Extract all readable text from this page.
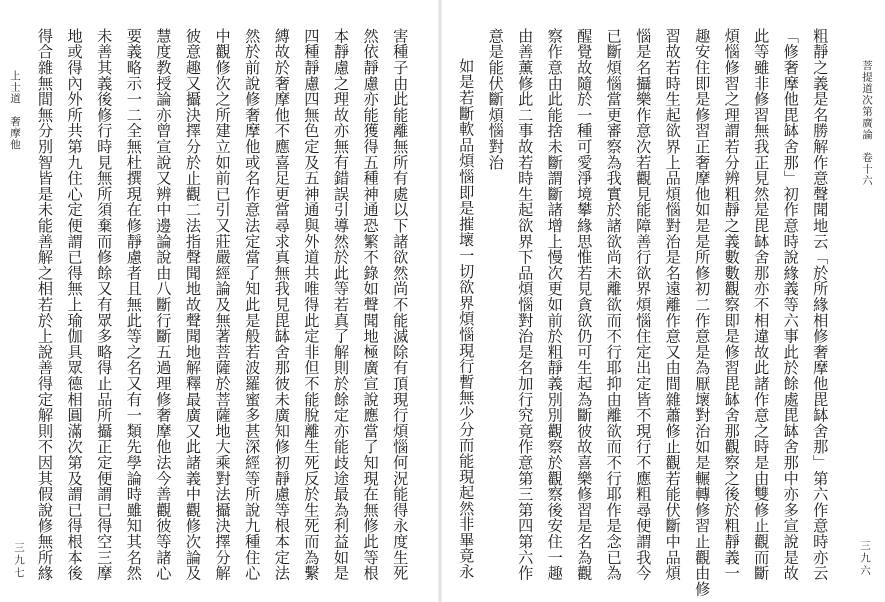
菩提道次第廣論　卷十六
三九六
粗靜之義是名勝解作意聲聞地云「於所緣相修奢摩他毘缽舍那」第六作意時亦云
「修奢摩他毘缽舍那」初作意時說緣義等六事此於餘處毘缽舍那中亦多宣說是故
此等雖非修習無我正見然是毘缽舍那亦不相違故此諸作意之時是由雙修止觀而斷
煩惱修習之理謂若分辨粗靜之義數數觀察即是修習毘缽舍那觀察之後於粗靜義一
趣安住即是修習正奢摩他如是是所修初二作意是為厭壞對治如是輾轉修習止觀由修
習故若時生起欲界上品煩惱對治是名遠離作意又由間雜蕭修止觀若能伏斷中品煩
惱是名攝樂作意次若觀見能障善行欲界煩惱住定出定皆不現行不應粗尋便謂我今
已斷煩惱當更審察為我實於諸欲尚未離欲而不行耶抑由離欲而不行耶作是念已為
醒覺故隨於一種可愛淨境攀緣思惟若見貪欲仍可生起為斷彼故喜樂修習是名為觀
察作意由此能捨未斷謂斷諸增上慢次更如前於粗靜義別別觀察於觀察後安住一趣
由善薰修此二事故若時生起欲界下品煩惱對治是名加行究竟作意第三第四第六作
意是能伏斷煩惱對治
如是若斷軟品煩惱即是摧壞一切欲界煩惱現行暫無少分而能現起然非畢竟永
上士道　奢摩他
三九七	害種子由此能離無所有處以下諸欲然尚不能滅除有頂現行煩惱何況能得永度生死
然依靜慮亦能獲得五種神通恐繁不錄如聲聞地極廣宣說應當了知現在無修此等根
本靜慮之理故亦無有錯誤引導然於此等若真了解則於餘定亦能歧途最為利益如是
四種靜慮四無色定及五神通與外道共唯得此定非但不能脫離生死反於生死而為繫
縛故於奢摩他不應喜足更當尋求真無我見毘缽舍那彼未廣知修初靜慮等根本定法
然於前說修奢摩他或名作意法定當了知此是般若波羅蜜多甚深經等所說九種住心
中觀修次之所建立如前已引又莊嚴經論及無著菩薩於菩薩地大乘對法攝決擇分解
彼意趣又攝決擇分於止觀二法指聲聞地故聲聞地解釋最廣又此諸義中觀修次論及
慧度教授論亦曾宣說又辨中邊論說由八斷行斷五過理修奢摩他法今善觀彼等諸心
要義略示一二全無杜撰現在修靜慮者且無此等之名又有一類先學論時雖知其名然
未善其義後修行時見無所須棄而修餘又有眾多略得止品所攝正定便謂已得空三摩
地或得內外所共第九住心定便謂已得無上瑜伽具眾德相圓滿次第及謂已得根本後
得合雜無間無分別智皆是未能善解之相若於上說善得定解則不因其假說修無所緣
